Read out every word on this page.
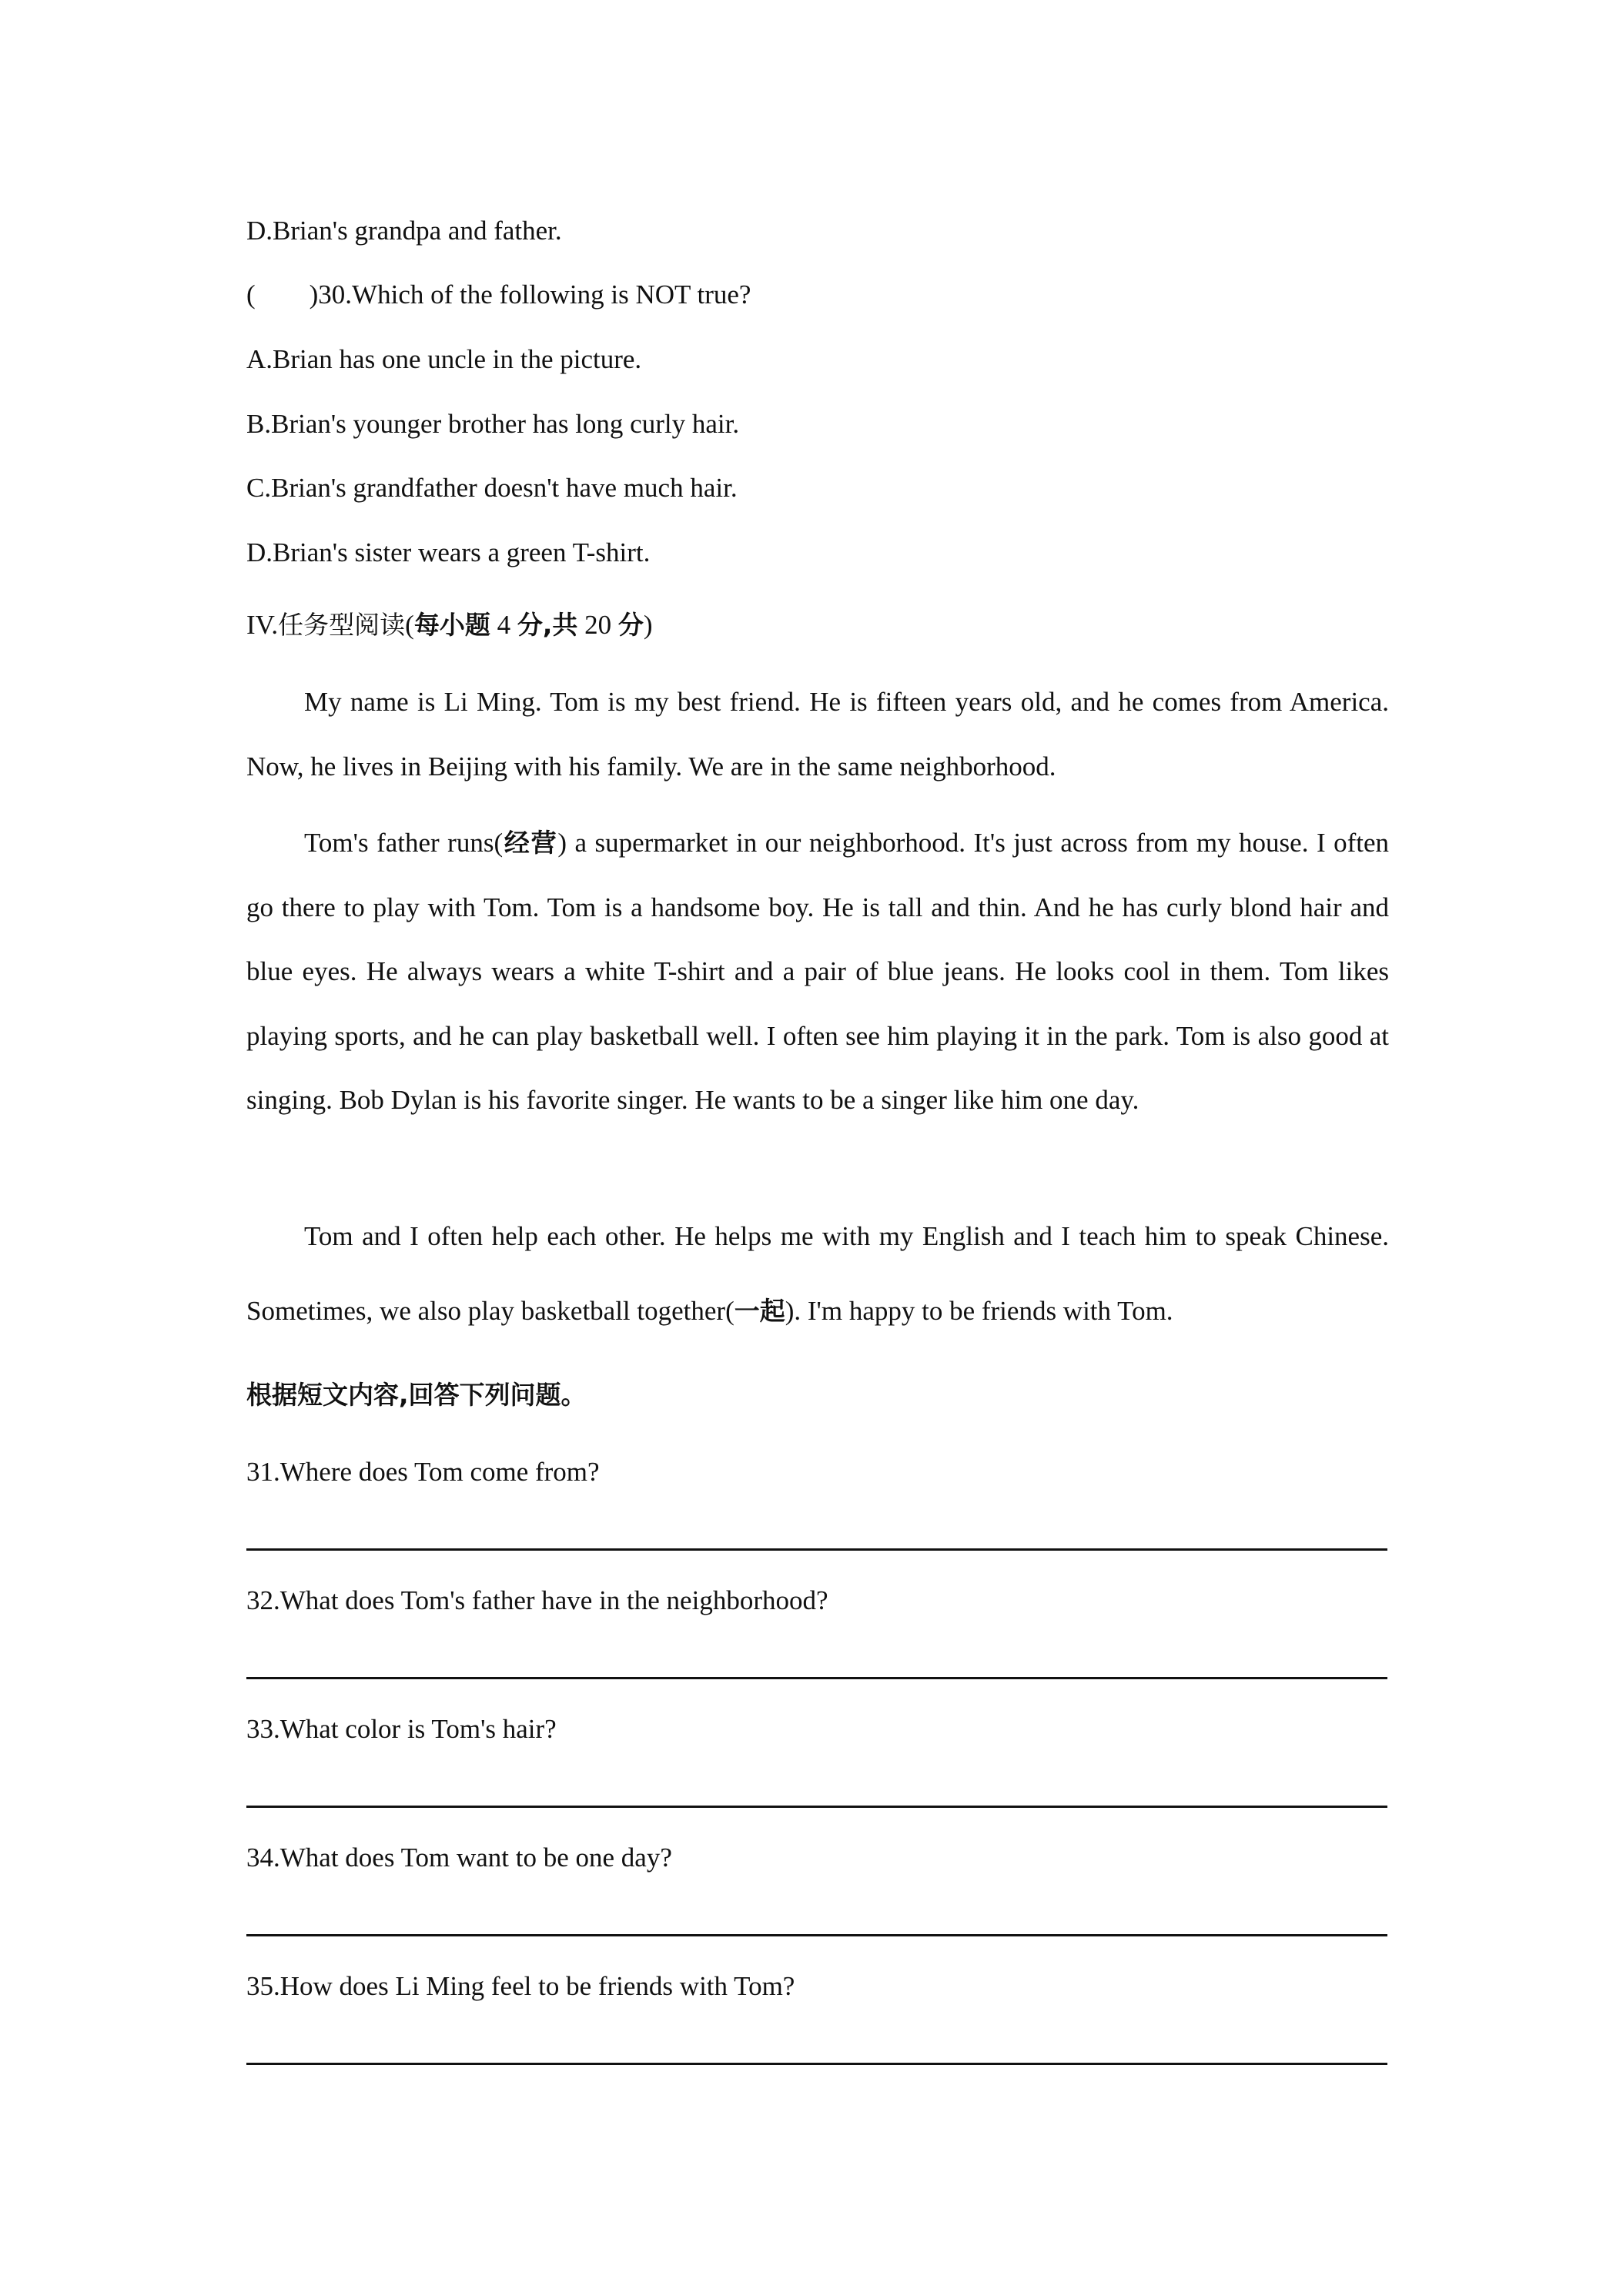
D.Brian's grandpa and father.
(        )30.Which of the following is NOT true?
A.Brian has one uncle in the picture.
B.Brian's younger brother has long curly hair.
C.Brian's grandfather doesn't have much hair.
D.Brian's sister wears a green T-shirt.
IV.任务型阅读(每小题 4 分,共 20 分)
My name is Li Ming. Tom is my best friend. He is fifteen years old, and he comes from America. Now, he lives in Beijing with his family. We are in the same neighborhood.
Tom's father runs(经营) a supermarket in our neighborhood. It's just across from my house. I often go there to play with Tom. Tom is a handsome boy. He is tall and thin. And he has curly blond hair and blue eyes. He always wears a white T-shirt and a pair of blue jeans. He looks cool in them. Tom likes playing sports, and he can play basketball well. I often see him playing it in the park. Tom is also good at singing. Bob Dylan is his favorite singer. He wants to be a singer like him one day.
Tom and I often help each other. He helps me with my English and I teach him to speak Chinese. Sometimes, we also play basketball together(一起). I'm happy to be friends with Tom.
根据短文内容,回答下列问题。
31.Where does Tom come from?
32.What does Tom's father have in the neighborhood?
33.What color is Tom's hair?
34.What does Tom want to be one day?
35.How does Li Ming feel to be friends with Tom?
